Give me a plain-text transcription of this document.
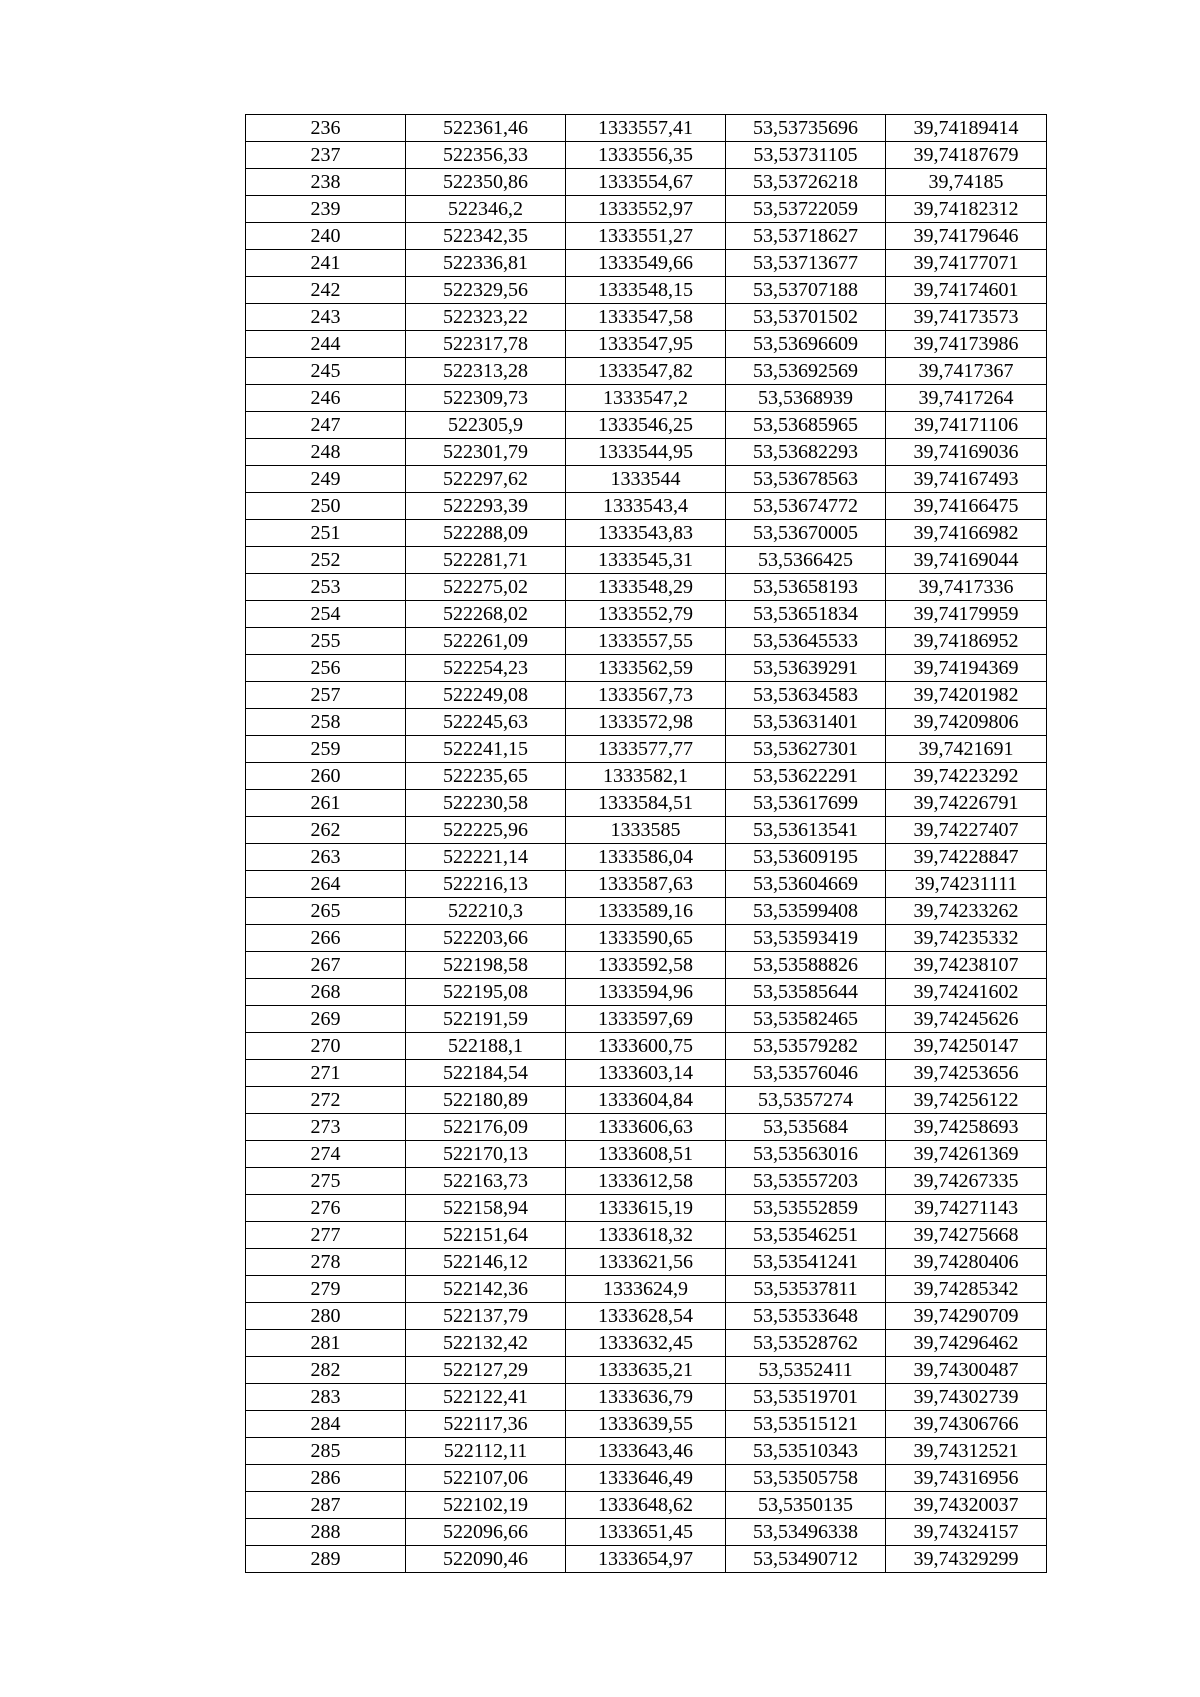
236	522361,46	1333557,41	53,53735696	39,74189414
237	522356,33	1333556,35	53,53731105	39,74187679
238	522350,86	1333554,67	53,53726218	39,74185
239	522346,2	1333552,97	53,53722059	39,74182312
240	522342,35	1333551,27	53,53718627	39,74179646
241	522336,81	1333549,66	53,53713677	39,74177071
242	522329,56	1333548,15	53,53707188	39,74174601
243	522323,22	1333547,58	53,53701502	39,74173573
244	522317,78	1333547,95	53,53696609	39,74173986
245	522313,28	1333547,82	53,53692569	39,7417367
246	522309,73	1333547,2	53,5368939	39,7417264
247	522305,9	1333546,25	53,53685965	39,74171106
248	522301,79	1333544,95	53,53682293	39,74169036
249	522297,62	1333544	53,53678563	39,74167493
250	522293,39	1333543,4	53,53674772	39,74166475
251	522288,09	1333543,83	53,53670005	39,74166982
252	522281,71	1333545,31	53,5366425	39,74169044
253	522275,02	1333548,29	53,53658193	39,7417336
254	522268,02	1333552,79	53,53651834	39,74179959
255	522261,09	1333557,55	53,53645533	39,74186952
256	522254,23	1333562,59	53,53639291	39,74194369
257	522249,08	1333567,73	53,53634583	39,74201982
258	522245,63	1333572,98	53,53631401	39,74209806
259	522241,15	1333577,77	53,53627301	39,7421691
260	522235,65	1333582,1	53,53622291	39,74223292
261	522230,58	1333584,51	53,53617699	39,74226791
262	522225,96	1333585	53,53613541	39,74227407
263	522221,14	1333586,04	53,53609195	39,74228847
264	522216,13	1333587,63	53,53604669	39,74231111
265	522210,3	1333589,16	53,53599408	39,74233262
266	522203,66	1333590,65	53,53593419	39,74235332
267	522198,58	1333592,58	53,53588826	39,74238107
268	522195,08	1333594,96	53,53585644	39,74241602
269	522191,59	1333597,69	53,53582465	39,74245626
270	522188,1	1333600,75	53,53579282	39,74250147
271	522184,54	1333603,14	53,53576046	39,74253656
272	522180,89	1333604,84	53,5357274	39,74256122
273	522176,09	1333606,63	53,535684	39,74258693
274	522170,13	1333608,51	53,53563016	39,74261369
275	522163,73	1333612,58	53,53557203	39,74267335
276	522158,94	1333615,19	53,53552859	39,74271143
277	522151,64	1333618,32	53,53546251	39,74275668
278	522146,12	1333621,56	53,53541241	39,74280406
279	522142,36	1333624,9	53,53537811	39,74285342
280	522137,79	1333628,54	53,53533648	39,74290709
281	522132,42	1333632,45	53,53528762	39,74296462
282	522127,29	1333635,21	53,5352411	39,74300487
283	522122,41	1333636,79	53,53519701	39,74302739
284	522117,36	1333639,55	53,53515121	39,74306766
285	522112,11	1333643,46	53,53510343	39,74312521
286	522107,06	1333646,49	53,53505758	39,74316956
287	522102,19	1333648,62	53,5350135	39,74320037
288	522096,66	1333651,45	53,53496338	39,74324157
289	522090,46	1333654,97	53,53490712	39,74329299
